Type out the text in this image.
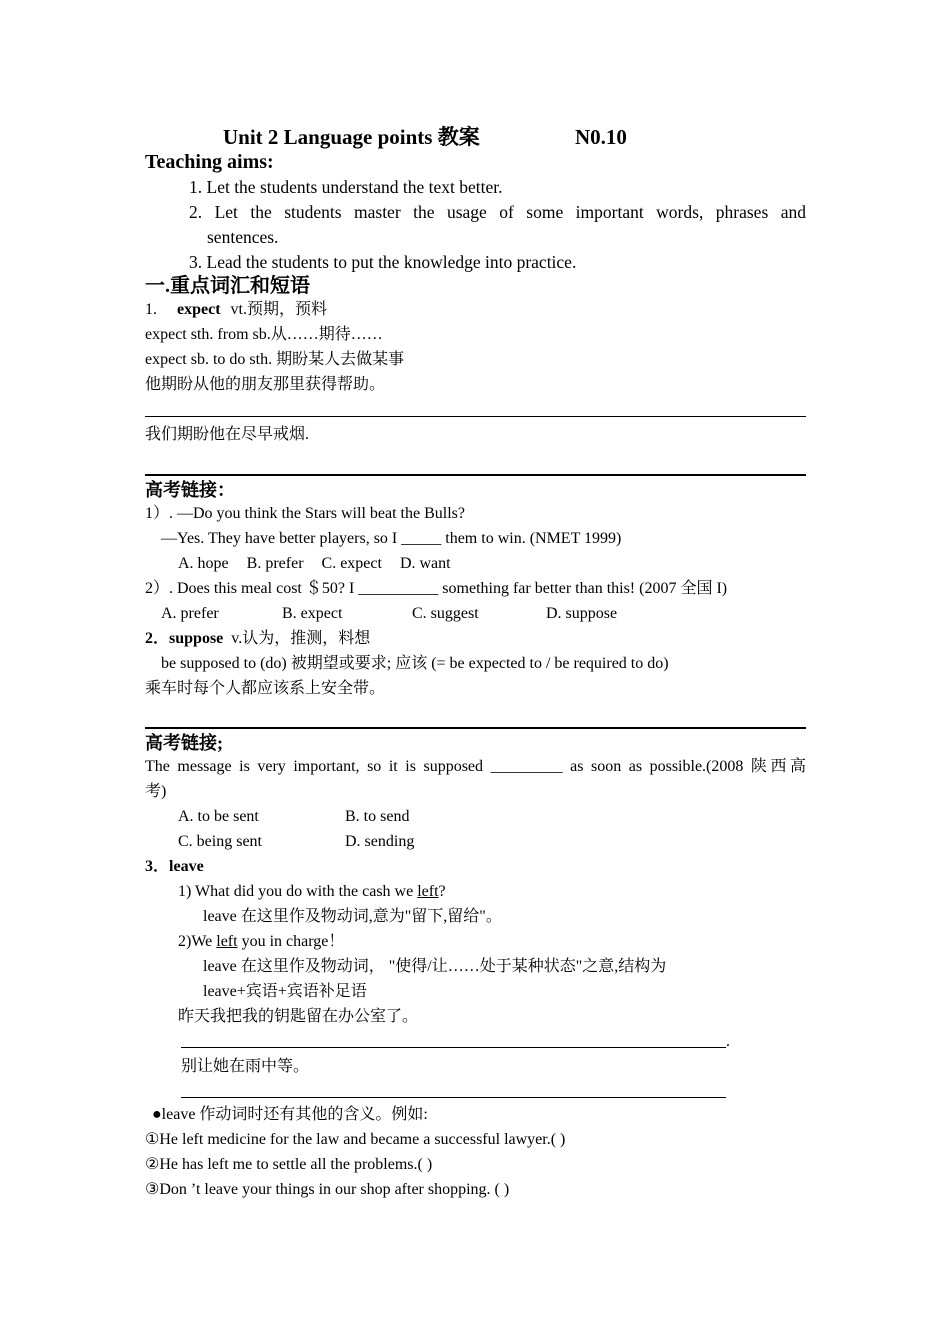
Unit 2 Language points 教案	N0.10
Teaching aims:
1. Let the students understand the text better.
2. Let the students master the usage of some important words, phrases and
sentences.
3. Lead the students to put the knowledge into practice.
一.重点词汇和短语
1. expect vt.预期，预料
expect sth. from sb.从……期待……
expect sb. to do sth. 期盼某人去做某事
他期盼从他的朋友那里获得帮助。
我们期盼他在尽早戒烟.
高考链接：
1）. —Do you think the Stars will beat the Bulls?
—Yes. They have better players, so I _____ them to win. (NMET 1999)
A. hope B. prefer C. expect D. want
2）. Does this meal cost ＄50? I __________ something far better than this! (2007 全国 I)
A. prefer	B. expect	C. suggest	D. suppose
2．suppose v.认为，推测，料想
be supposed to (do) 被期望或要求; 应该 (= be expected to / be required to do)
乘车时每个人都应该系上安全带。
高考链接;
The message is very important, so it is supposed _________ as soon as possible.(2008 陕西高
考)
A. to be sent	B. to send
C. being sent	D. sending
3．leave
1) What did you do with the cash we left?
leave 在这里作及物动词,意为"留下,留给"。
2)We left you in charge！
leave 在这里作及物动词， "使得/让……处于某种状态"之意,结构为
leave+宾语+宾语补足语
昨天我把我的钥匙留在办公室了。
.
别让她在雨中等。
●leave 作动词时还有其他的含义。例如:
①He left medicine for the law and became a successful lawyer.( )
②He has left me to settle all the problems.( )
③Don ’t leave your things in our shop after shopping. ( )
